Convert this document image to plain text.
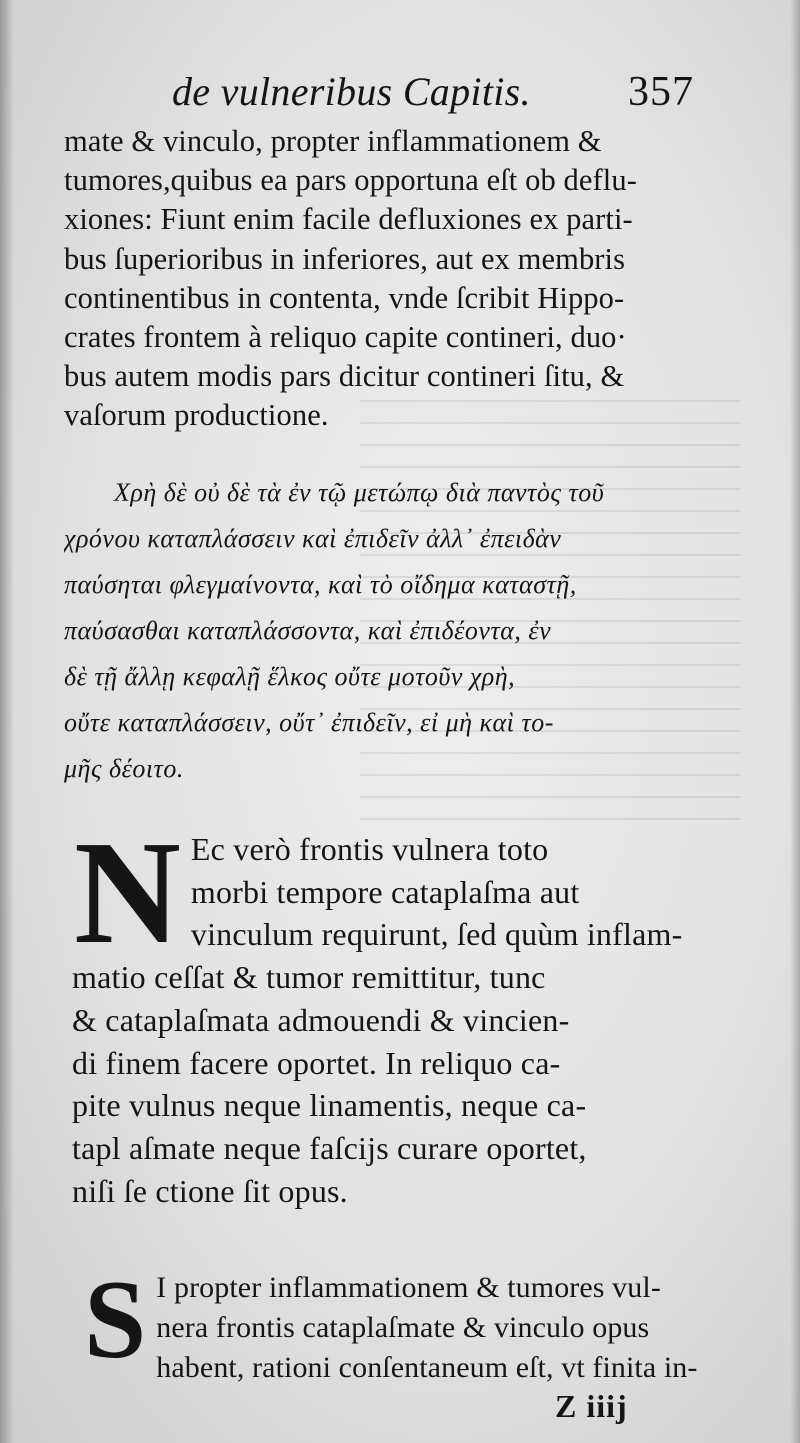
de vulneribus Capitis. 357
mate & vinculo, propter inflammationem &
tumores,quibus ea pars opportuna eſt ob deflu-
xiones: Fiunt enim facile defluxiones ex parti-
bus ſuperioribus in inferiores, aut ex membris
continentibus in contenta, vnde ſcribit Hippo-
crates frontem à reliquo capite contineri, duo·
bus autem modis pars dicitur contineri ſitu, &
vaſorum productione.
Χρὴ δὲ οὐ δὲ τὰ ἐν τῷ μετώπῳ διὰ παντὸς τοῦ
χρόνου καταπλάσσειν καὶ ἐπιδεῖν ἀλλ᾽ ἐπειδὰν
παύσηται φλεγμαίνοντα, καὶ τὸ οἴδημα καταστῇ,
παύσασθαι καταπλάσσοντα, καὶ ἐπιδέοντα, ἐν
δὲ τῇ ἄλλῃ κεφαλῇ ἕλκος οὔτε μοτοῦν χρὴ,
οὔτε καταπλάσσειν, οὔτ᾽ ἐπιδεῖν, εἰ μὴ καὶ το-
μῆς δέοιτο.
N Ec verò frontis vulnera toto
morbi tempore cataplaſma aut
vinculum requirunt, ſed quùm inflam-
matio ceſſat & tumor remittitur, tunc
& cataplaſmata admouendi & vincien-
di finem facere oportet. In reliquo ca-
pite vulnus neque linamentis, neque ca-
tapl aſmate neque faſcijs curare oportet,
niſi ſe ctione ſit opus.
S I propter inflammationem & tumores vul-
nera frontis cataplaſmate & vinculo opus
habent, rationi conſentaneum eſt, vt finita in-
Z iiij
